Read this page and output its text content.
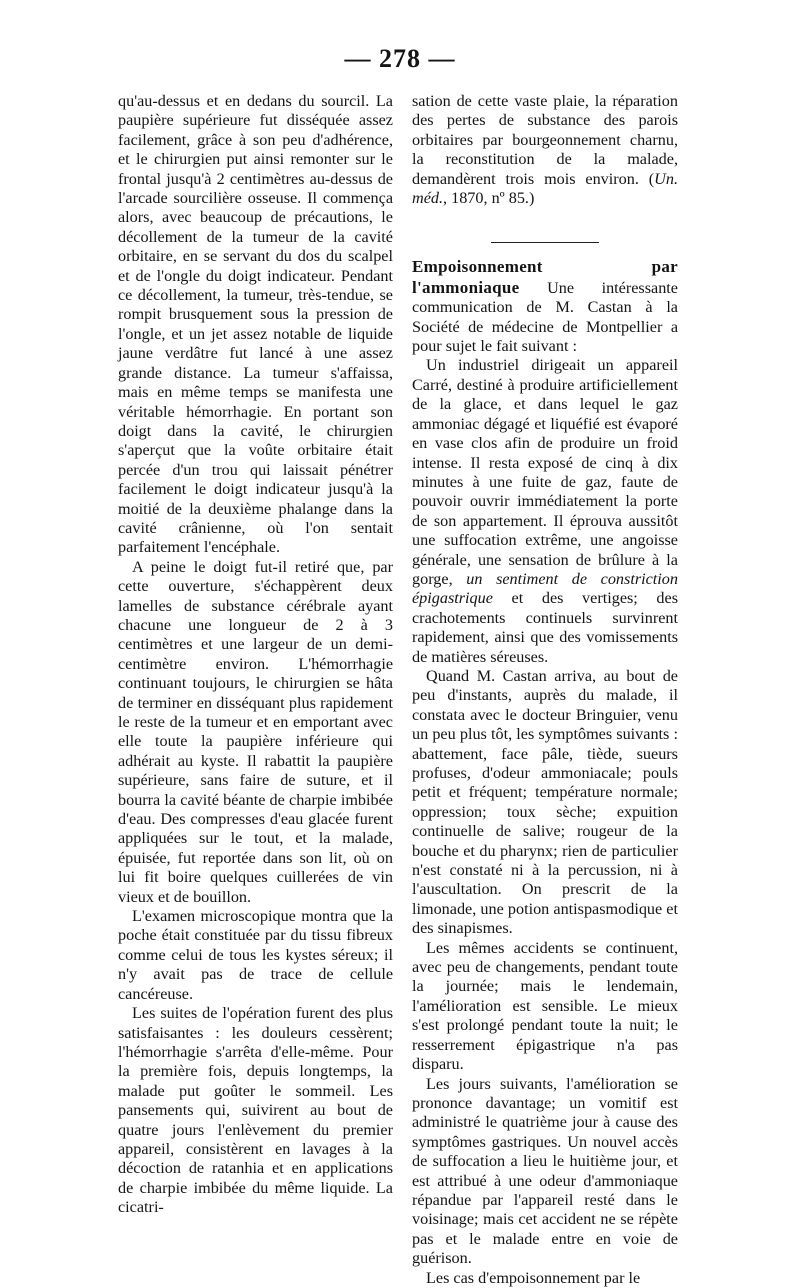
— 278 —

qu'au-dessus et en dedans du sourcil. La paupière supérieure fut disséquée assez facilement, grâce à son peu d'adhérence, et le chirurgien put ainsi remonter sur le frontal jusqu'à 2 centimètres au-dessus de l'arcade sourcilière osseuse. Il commença alors, avec beaucoup de précautions, le décollement de la tumeur de la cavité orbitaire, en se servant du dos du scalpel et de l'ongle du doigt indicateur. Pendant ce décollement, la tumeur, très-tendue, se rompit brusquement sous la pression de l'ongle, et un jet assez notable de liquide jaune verdâtre fut lancé à une assez grande distance. La tumeur s'affaissa, mais en même temps se manifesta une véritable hémorrhagie. En portant son doigt dans la cavité, le chirurgien s'aperçut que la voûte orbitaire était percée d'un trou qui laissait pénétrer facilement le doigt indicateur jusqu'à la moitié de la deuxième phalange dans la cavité crânienne, où l'on sentait parfaitement l'encéphale.

A peine le doigt fut-il retiré que, par cette ouverture, s'échappèrent deux lamelles de substance cérébrale ayant chacune une longueur de 2 à 3 centimètres et une largeur de un demi-centimètre environ. L'hémorrhagie continuant toujours, le chirurgien se hâta de terminer en disséquant plus rapidement le reste de la tumeur et en emportant avec elle toute la paupière inférieure qui adhérait au kyste. Il rabattit la paupière supérieure, sans faire de suture, et il bourra la cavité béante de charpie imbibée d'eau. Des compresses d'eau glacée furent appliquées sur le tout, et la malade, épuisée, fut reportée dans son lit, où on lui fit boire quelques cuillerées de vin vieux et de bouillon.

L'examen microscopique montra que la poche était constituée par du tissu fibreux comme celui de tous les kystes séreux; il n'y avait pas de trace de cellule cancéreuse.

Les suites de l'opération furent des plus satisfaisantes : les douleurs cessèrent; l'hémorrhagie s'arrêta d'elle-même. Pour la première fois, depuis longtemps, la malade put goûter le sommeil. Les pansements qui, suivirent au bout de quatre jours l'enlèvement du premier appareil, consistèrent en lavages à la décoction de ratanhia et en applications de charpie imbibée du même liquide. La cicatri-

sation de cette vaste plaie, la réparation des pertes de substance des parois orbitaires par bourgeonnement charnu, la reconstitution de la malade, demandèrent trois mois environ. (Un. méd., 1870, nº 85.)

Empoisonnement par l'ammoniaque Une intéressante communication de M. Castan à la Société de médecine de Montpellier a pour sujet le fait suivant :

Un industriel dirigeait un appareil Carré, destiné à produire artificiellement de la glace, et dans lequel le gaz ammoniac dégagé et liquéfié est évaporé en vase clos afin de produire un froid intense. Il resta exposé de cinq à dix minutes à une fuite de gaz, faute de pouvoir ouvrir immédiatement la porte de son appartement. Il éprouva aussitôt une suffocation extrême, une angoisse générale, une sensation de brûlure à la gorge, un sentiment de constriction épigastrique et des vertiges; des crachotements continuels survinrent rapidement, ainsi que des vomissements de matières séreuses.

Quand M. Castan arriva, au bout de peu d'instants, auprès du malade, il constata avec le docteur Bringuier, venu un peu plus tôt, les symptômes suivants : abattement, face pâle, tiède, sueurs profuses, d'odeur ammoniacale; pouls petit et fréquent; température normale; oppression; toux sèche; expuition continuelle de salive; rougeur de la bouche et du pharynx; rien de particulier n'est constaté ni à la percussion, ni à l'auscultation. On prescrit de la limonade, une potion antispasmodique et des sinapismes.

Les mêmes accidents se continuent, avec peu de changements, pendant toute la journée; mais le lendemain, l'amélioration est sensible. Le mieux s'est prolongé pendant toute la nuit; le resserrement épigastrique n'a pas disparu.

Les jours suivants, l'amélioration se prononce davantage; un vomitif est administré le quatrième jour à cause des symptômes gastriques. Un nouvel accès de suffocation a lieu le huitième jour, et est attribué à une odeur d'ammoniaque répandue par l'appareil resté dans le voisinage; mais cet accident ne se répète pas et le malade entre en voie de guérison.

Les cas d'empoisonnement par le
